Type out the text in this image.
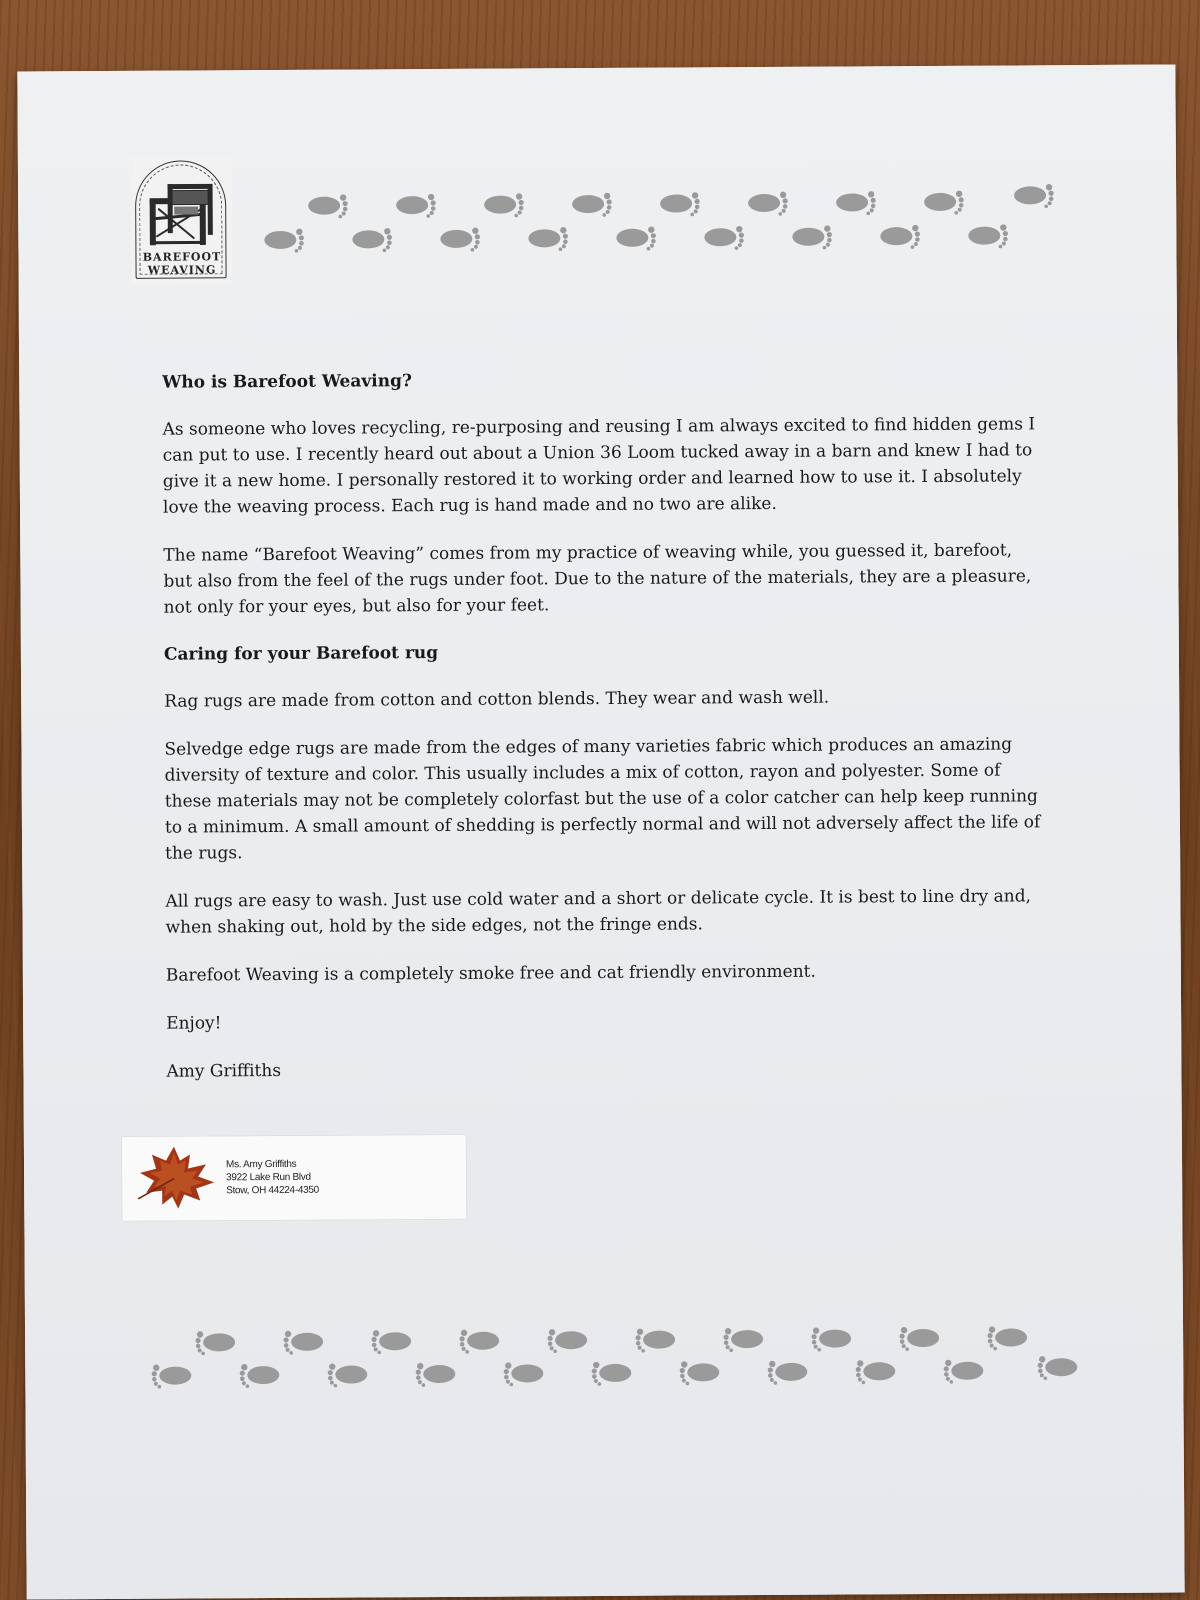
BAREFOOT
WEAVING
Who is Barefoot Weaving?

As someone who loves recycling, re-purposing and reusing I am always excited to find hidden gems I can put to use. I recently heard out about a Union 36 Loom tucked away in a barn and knew I had to give it a new home. I personally restored it to working order and learned how to use it. I absolutely love the weaving process. Each rug is hand made and no two are alike.

The name “Barefoot Weaving” comes from my practice of weaving while, you guessed it, barefoot, but also from the feel of the rugs under foot. Due to the nature of the materials, they are a pleasure, not only for your eyes, but also for your feet.

Caring for your Barefoot rug

Rag rugs are made from cotton and cotton blends. They wear and wash well.

Selvedge edge rugs are made from the edges of many varieties fabric which produces an amazing diversity of texture and color. This usually includes a mix of cotton, rayon and polyester. Some of these materials may not be completely colorfast but the use of a color catcher can help keep running to a minimum. A small amount of shedding is perfectly normal and will not adversely affect the life of the rugs.

All rugs are easy to wash. Just use cold water and a short or delicate cycle. It is best to line dry and, when shaking out, hold by the side edges, not the fringe ends.

Barefoot Weaving is a completely smoke free and cat friendly environment.

Enjoy!

Amy Griffiths

Ms. Amy Griffiths
3922 Lake Run Blvd
Stow, OH 44224-4350
